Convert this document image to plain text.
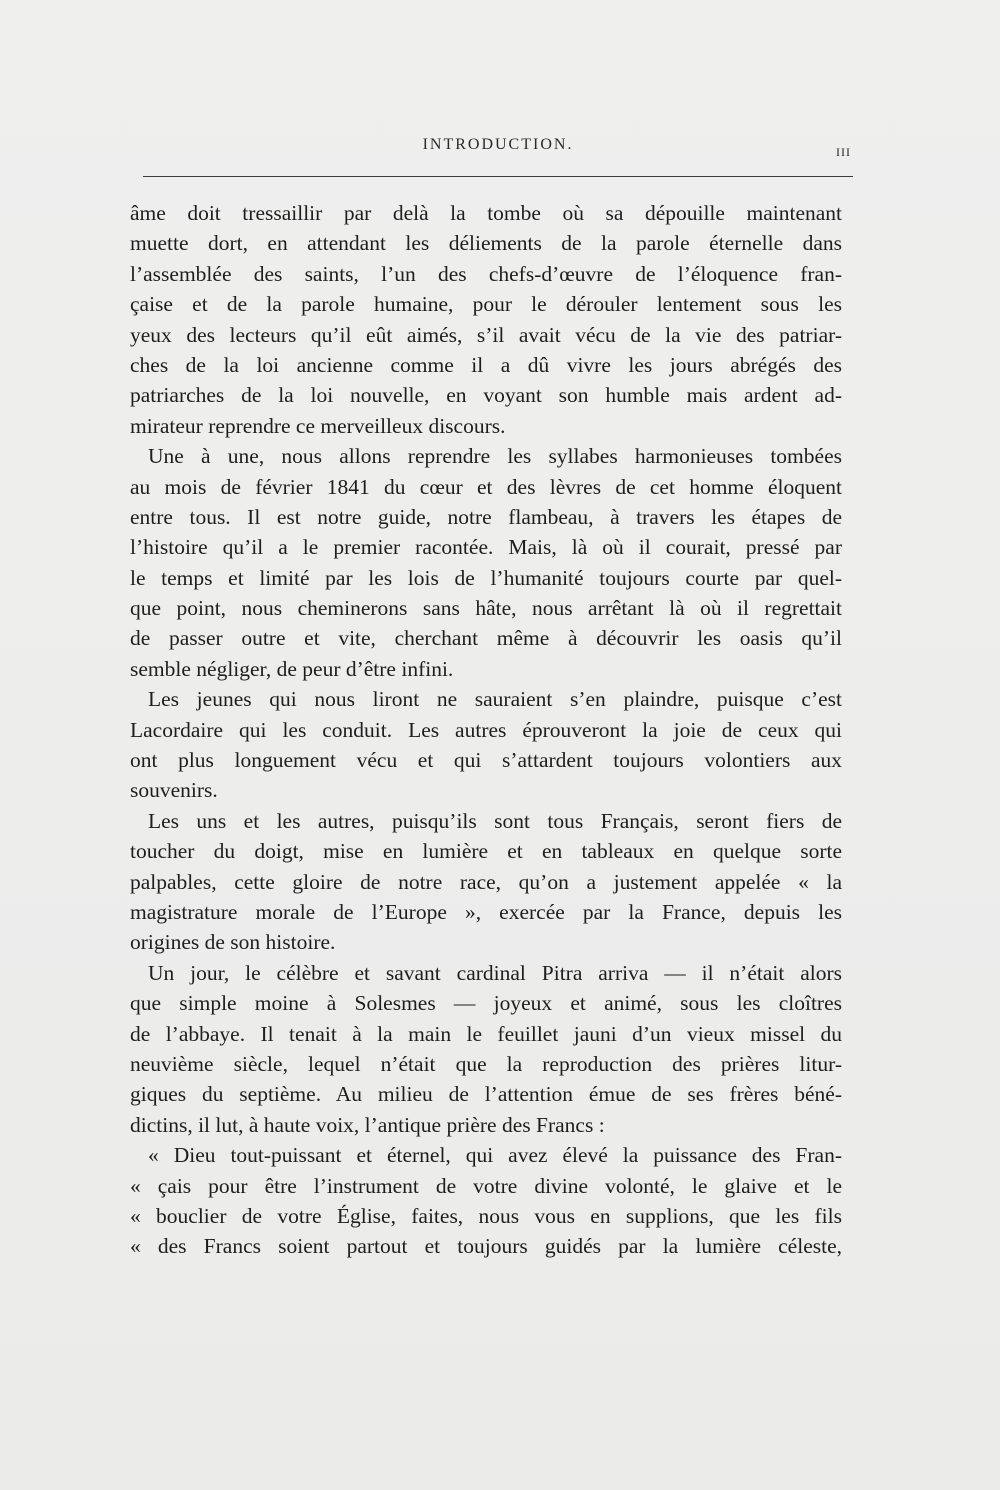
INTRODUCTION.	III
âme doit tressaillir par delà la tombe où sa dépouille maintenant
muette dort, en attendant les déliements de la parole éternelle dans
l’assemblée des saints, l’un des chefs-d’œuvre de l’éloquence fran-
çaise et de la parole humaine, pour le dérouler lentement sous les
yeux des lecteurs qu’il eût aimés, s’il avait vécu de la vie des patriar-
ches de la loi ancienne comme il a dû vivre les jours abrégés des
patriarches de la loi nouvelle, en voyant son humble mais ardent ad-
mirateur reprendre ce merveilleux discours.
Une à une, nous allons reprendre les syllabes harmonieuses tombées
au mois de février 1841 du cœur et des lèvres de cet homme éloquent
entre tous. Il est notre guide, notre flambeau, à travers les étapes de
l’histoire qu’il a le premier racontée. Mais, là où il courait, pressé par
le temps et limité par les lois de l’humanité toujours courte par quel-
que point, nous cheminerons sans hâte, nous arrêtant là où il regrettait
de passer outre et vite, cherchant même à découvrir les oasis qu’il
semble négliger, de peur d’être infini.
Les jeunes qui nous liront ne sauraient s’en plaindre, puisque c’est
Lacordaire qui les conduit. Les autres éprouveront la joie de ceux qui
ont plus longuement vécu et qui s’attardent toujours volontiers aux
souvenirs.
Les uns et les autres, puisqu’ils sont tous Français, seront fiers de
toucher du doigt, mise en lumière et en tableaux en quelque sorte
palpables, cette gloire de notre race, qu’on a justement appelée « la
magistrature morale de l’Europe », exercée par la France, depuis les
origines de son histoire.
Un jour, le célèbre et savant cardinal Pitra arriva — il n’était alors
que simple moine à Solesmes — joyeux et animé, sous les cloîtres
de l’abbaye. Il tenait à la main le feuillet jauni d’un vieux missel du
neuvième siècle, lequel n’était que la reproduction des prières litur-
giques du septième. Au milieu de l’attention émue de ses frères béné-
dictins, il lut, à haute voix, l’antique prière des Francs :
« Dieu tout-puissant et éternel, qui avez élevé la puissance des Fran-
« çais pour être l’instrument de votre divine volonté, le glaive et le
« bouclier de votre Église, faites, nous vous en supplions, que les fils
« des Francs soient partout et toujours guidés par la lumière céleste,
